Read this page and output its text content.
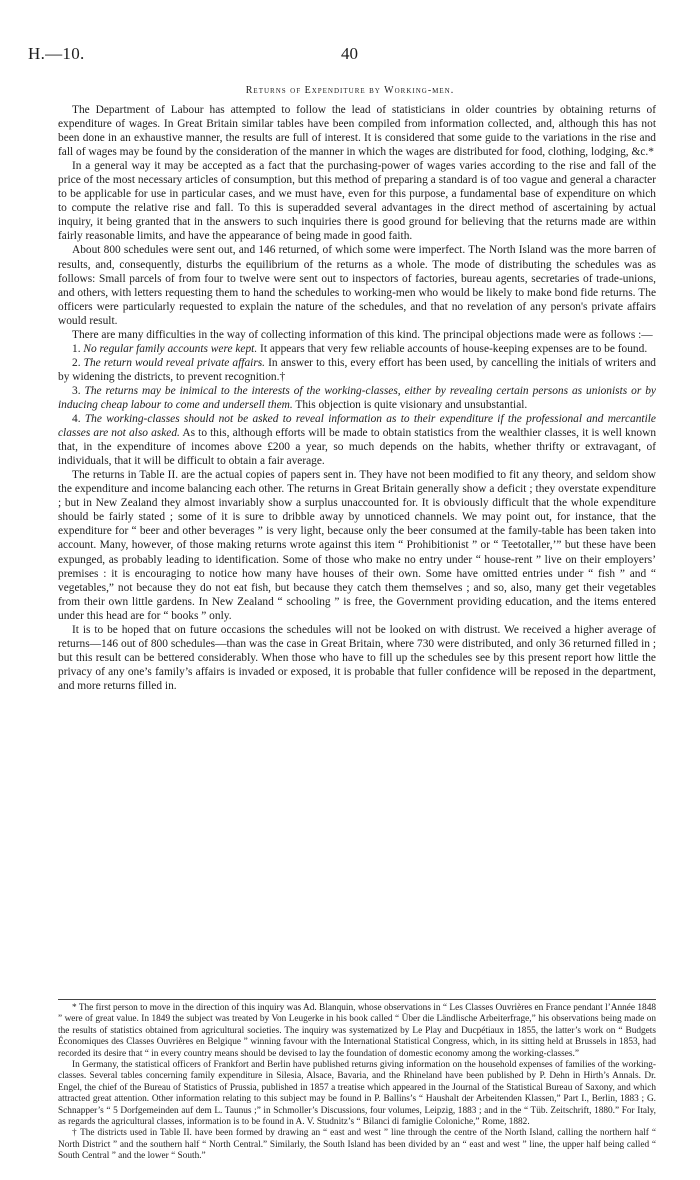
H.—10.	40
Returns of Expenditure by Working-men.

The Department of Labour has attempted to follow the lead of statisticians in older countries by obtaining returns of expenditure of wages. In Great Britain similar tables have been compiled from information collected, and, although this has not been done in an exhaustive manner, the results are full of interest. It is considered that some guide to the variations in the rise and fall of wages may be found by the consideration of the manner in which the wages are distributed for food, clothing, lodging, &c.*

In a general way it may be accepted as a fact that the purchasing-power of wages varies according to the rise and fall of the price of the most necessary articles of consumption, but this method of preparing a standard is of too vague and general a character to be applicable for use in particular cases, and we must have, even for this purpose, a fundamental base of expenditure on which to compute the relative rise and fall. To this is superadded several advantages in the direct method of ascertaining by actual inquiry, it being granted that in the answers to such inquiries there is good ground for believing that the returns made are within fairly reasonable limits, and have the appearance of being made in good faith.

About 800 schedules were sent out, and 146 returned, of which some were imperfect. The North Island was the more barren of results, and, consequently, disturbs the equilibrium of the returns as a whole. The mode of distributing the schedules was as follows: Small parcels of from four to twelve were sent out to inspectors of factories, bureau agents, secretaries of trade-unions, and others, with letters requesting them to hand the schedules to working-men who would be likely to make bond fide returns. The officers were particularly requested to explain the nature of the schedules, and that no revelation of any person's private affairs would result.

There are many difficulties in the way of collecting information of this kind. The principal objections made were as follows :—

1. No regular family accounts were kept. It appears that very few reliable accounts of house-keeping expenses are to be found.

2. The return would reveal private affairs. In answer to this, every effort has been used, by cancelling the initials of writers and by widening the districts, to prevent recognition.†

3. The returns may be inimical to the interests of the working-classes, either by revealing certain persons as unionists or by inducing cheap labour to come and undersell them. This objection is quite visionary and unsubstantial.

4. The working-classes should not be asked to reveal information as to their expenditure if the professional and mercantile classes are not also asked. As to this, although efforts will be made to obtain statistics from the wealthier classes, it is well known that, in the expenditure of incomes above £200 a year, so much depends on the habits, whether thrifty or extravagant, of individuals, that it will be difficult to obtain a fair average.

The returns in Table II. are the actual copies of papers sent in. They have not been modified to fit any theory, and seldom show the expenditure and income balancing each other. The returns in Great Britain generally show a deficit ; they overstate expenditure ; but in New Zealand they almost invariably show a surplus unaccounted for. It is obviously difficult that the whole expenditure should be fairly stated ; some of it is sure to dribble away by unnoticed channels. We may point out, for instance, that the expenditure for “ beer and other beverages ” is very light, because only the beer consumed at the family-table has been taken into account. Many, however, of those making returns wrote against this item “ Prohibitionist ” or “ Teetotaller,’” but these have been expunged, as probably leading to identification. Some of those who make no entry under “ house-rent ” live on their employers’ premises : it is encouraging to notice how many have houses of their own. Some have omitted entries under “ fish ” and “ vegetables,” not because they do not eat fish, but because they catch them themselves ; and so, also, many get their vegetables from their own little gardens. In New Zealand “ schooling ” is free, the Government providing education, and the items entered under this head are for “ books ” only.

It is to be hoped that on future occasions the schedules will not be looked on with distrust. We received a higher average of returns—146 out of 800 schedules—than was the case in Great Britain, where 730 were distributed, and only 36 returned filled in ; but this result can be bettered considerably. When those who have to fill up the schedules see by this present report how little the privacy of any one’s family’s affairs is invaded or exposed, it is probable that fuller confidence will be reposed in the department, and more returns filled in.

* The first person to move in the direction of this inquiry was Ad. Blanquin, whose observations in “ Les Classes Ouvrières en France pendant l’Année 1848 ” were of great value. In 1849 the subject was treated by Von Leugerke in his book called “ Über die Ländlische Arbeiterfrage,” his observations being made on the results of statistics obtained from agricultural societies. The inquiry was systematized by Le Play and Ducpétiaux in 1855, the latter’s work on “ Budgets Économiques des Classes Ouvrières en Belgique ” winning favour with the International Statistical Congress, which, in its sitting held at Brussels in 1853, had recorded its desire that “ in every country means should be devised to lay the foundation of domestic economy among the working-classes.”

In Germany, the statistical officers of Frankfort and Berlin have published returns giving information on the household expenses of families of the working-classes. Several tables concerning family expenditure in Silesia, Alsace, Bavaria, and the Rhineland have been published by P. Dehn in Hirth’s Annals. Dr. Engel, the chief of the Bureau of Statistics of Prussia, published in 1857 a treatise which appeared in the Journal of the Statistical Bureau of Saxony, and which attracted great attention. Other information relating to this subject may be found in P. Ballins’s “ Haushalt der Arbeitenden Klassen,” Part I., Berlin, 1883 ; G. Schnapper’s “ 5 Dorfgemeinden auf dem L. Taunus ;” in Schmoller’s Discussions, four volumes, Leipzig, 1883 ; and in the “ Tüb. Zeitschrift, 1880.” For Italy, as regards the agricultural classes, information is to be found in A. V. Studnitz’s “ Bilanci di famiglie Coloniche,” Rome, 1882.

† The districts used in Table II. have been formed by drawing an “ east and west ” line through the centre of the North Island, calling the northern half “ North District ” and the southern half “ North Central.” Similarly, the South Island has been divided by an “ east and west ” line, the upper half being called “ South Central ” and the lower “ South.”
